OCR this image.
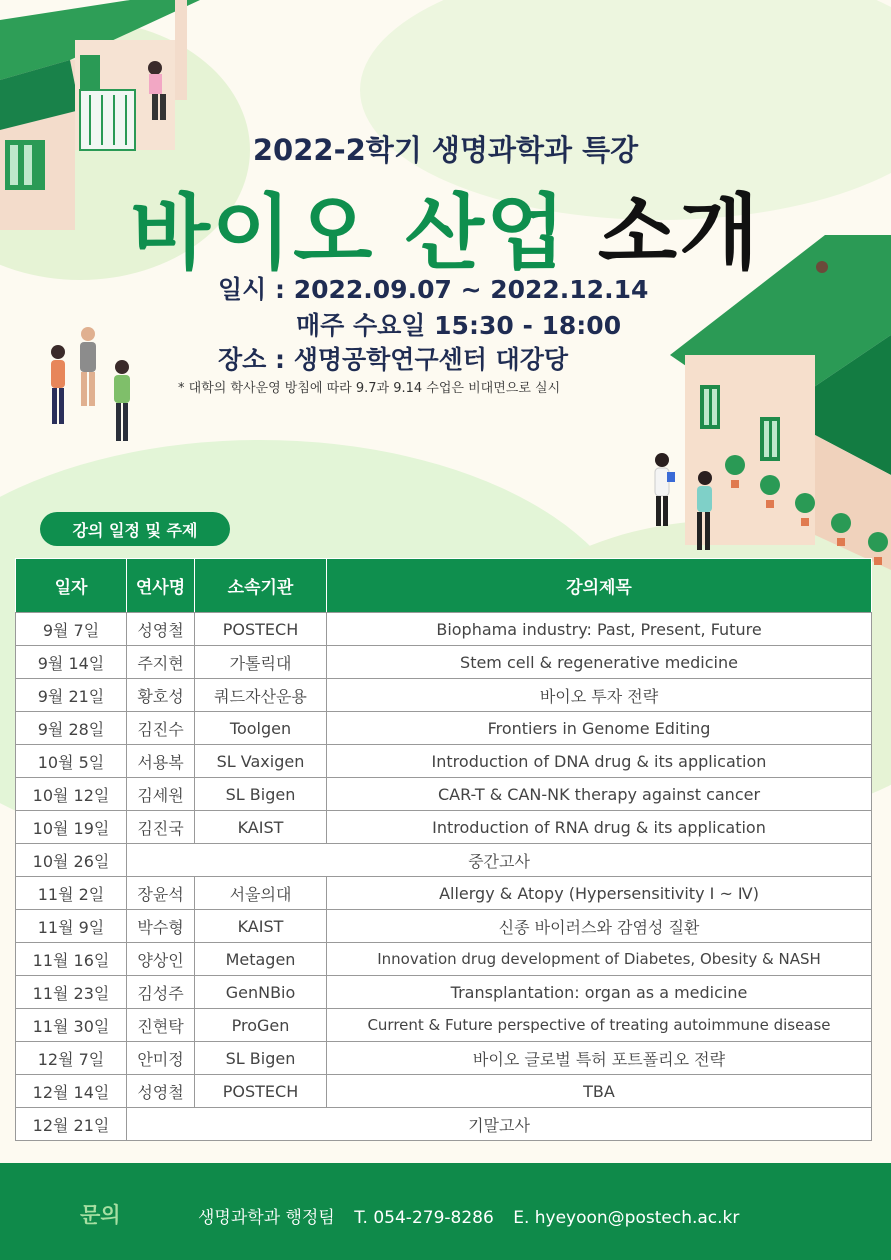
2022-2학기 생명과학과 특강
바이오 산업 소개
일시 : 2022.09.07 ~ 2022.12.14
매주 수요일 15:30 - 18:00
장소 : 생명공학연구센터 대강당
* 대학의 학사운영 방침에 따라 9.7과 9.14 수업은 비대면으로 실시
강의 일정 및 주제
일자	연사명	소속기관	강의제목
9월 7일	성영철	POSTECH	Biophama industry: Past, Present, Future
9월 14일	주지현	가톨릭대	Stem cell & regenerative medicine
9월 21일	황호성	쿼드자산운용	바이오 투자 전략
9월 28일	김진수	Toolgen	Frontiers in Genome Editing
10월 5일	서용복	SL Vaxigen	Introduction of DNA drug & its application
10월 12일	김세원	SL Bigen	CAR-T & CAN-NK therapy against cancer
10월 19일	김진국	KAIST	Introduction of RNA drug & its application
10월 26일	중간고사		
11월 2일	장윤석	서울의대	Allergy & Atopy (Hypersensitivity Ⅰ ~ Ⅳ)
11월 9일	박수형	KAIST	신종 바이러스와 감염성 질환
11월 16일	양상인	Metagen	Innovation drug development of Diabetes, Obesity & NASH
11월 23일	김성주	GenNBio	Transplantation: organ as a medicine
11월 30일	진현탁	ProGen	Current & Future perspective of treating autoimmune disease
12월 7일	안미정	SL Bigen	바이오 글로벌 특허 포트폴리오 전략
12월 14일	성영철	POSTECH	TBA
12월 21일	기말고사		
문의	생명과학과 행정팀 T. 054-279-8286 E. hyeyoon@postech.ac.kr
